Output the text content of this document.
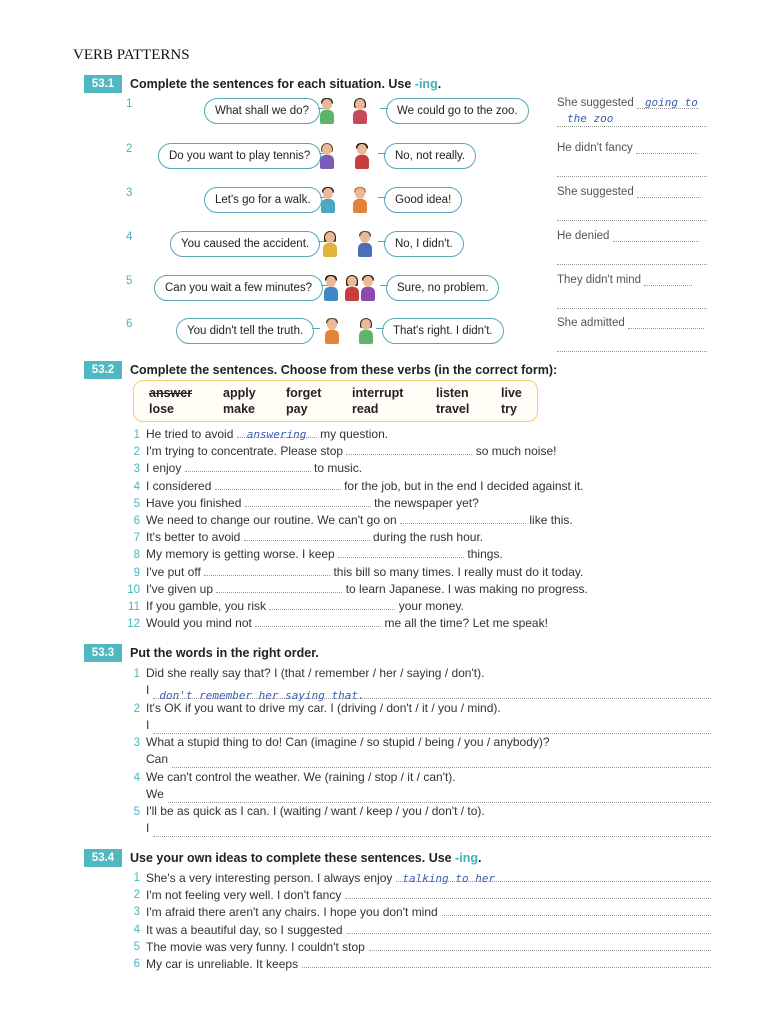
VERB PATTERNS
53.1	Complete the sentences for each situation. Use -ing.
1
What shall we do?	We could go to the zoo.
She suggested going to
the zoo
2
Do you want to play tennis?	No, not really.
He didn't fancy
3
Let's go for a walk.	Good idea!
She suggested
4
You caused the accident.	No, I didn't.
He denied
5
Can you wait a few minutes?	Sure, no problem.
They didn't mind
6
You didn't tell the truth.	That's right. I didn't.
She admitted
53.2	Complete the sentences. Choose from these verbs (in the correct form):
answer apply forget interrupt	listen	live
lose	make pay	read	travel	try
1 He tried to avoid answering my question.
2 I'm trying to concentrate. Please stop	so much noise!
3 I enjoy	to music.
4 I considered	for the job, but in the end I decided against it.
5 Have you finished	the newspaper yet?
6 We need to change our routine. We can't go on	like this.
7 It's better to avoid	during the rush hour.
8 My memory is getting worse. I keep	things.
9 I've put off	this bill so many times. I really must do it today.
10 I've given up	to learn Japanese. I was making no progress.
11 If you gamble, you risk	your money.
12 Would you mind not	me all the time? Let me speak!
53.3	Put the words in the right order.
1 Did she really say that? I (that / remember / her / saying / don't).
I don't remember her saying that.
2 It's OK if you want to drive my car. I (driving / don't / it / you / mind).
I
3 What a stupid thing to do! Can (imagine / so stupid / being / you / anybody)?
Can
4 We can't control the weather. We (raining / stop / it / can't).
We
5 I'll be as quick as I can. I (waiting / want / keep / you / don't / to).
I
53.4	Use your own ideas to complete these sentences. Use -ing.
1 She's a very interesting person. I always enjoy talking to her
2 I'm not feeling very well. I don't fancy
3 I'm afraid there aren't any chairs. I hope you don't mind
4 It was a beautiful day, so I suggested
5 The movie was very funny. I couldn't stop
6 My car is unreliable. It keeps
